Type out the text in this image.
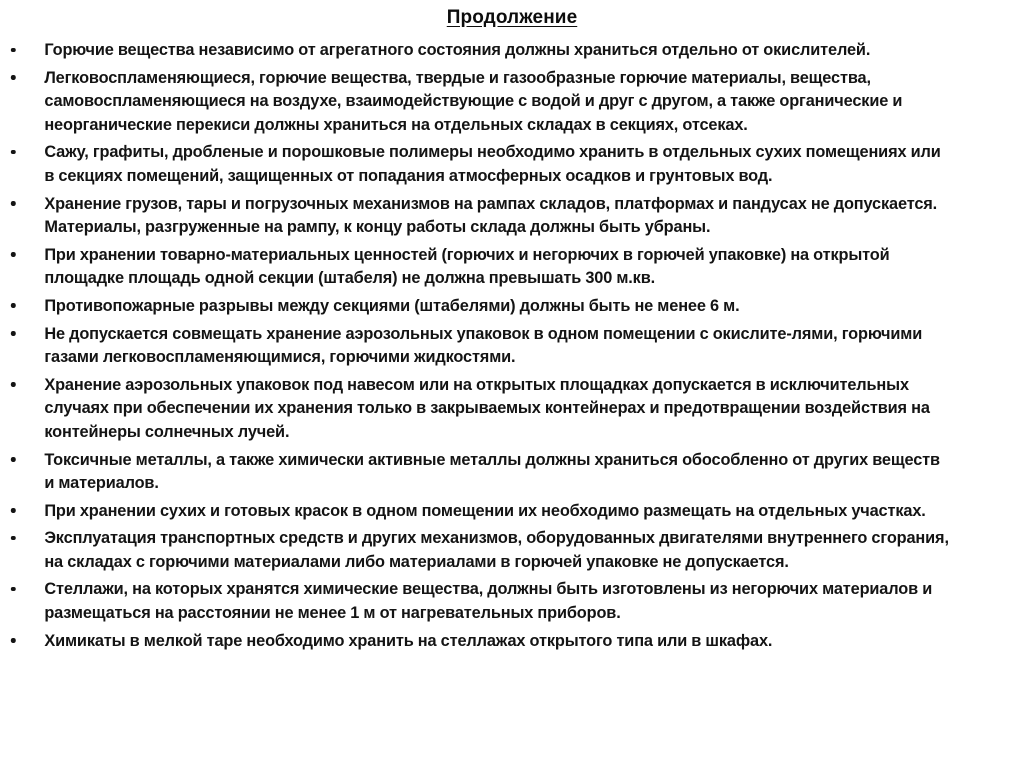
Продолжение
Горючие вещества независимо от агрегатного состояния должны храниться отдельно от окислителей.
Легковоспламеняющиеся, горючие вещества, твердые и газообразные горючие материалы, вещества, самовоспламеняющиеся на воздухе, взаимодействующие с водой и друг с другом, а также органические и неорганические перекиси должны храниться на отдельных складах в секциях, отсеках.
Сажу, графиты, дробленые и порошковые полимеры необходимо хранить в отдельных сухих помещениях или в секциях помещений, защищенных от попадания атмосферных осадков и грунтовых вод.
Хранение грузов, тары и погрузочных механизмов на рампах складов, платформах и пандусах не допускается. Материалы, разгруженные на рампу, к концу работы склада должны быть убраны.
При хранении товарно-материальных ценностей (горючих и негорючих в горючей упаковке) на открытой площадке площадь одной секции (штабеля) не должна превышать 300 м.кв.
Противопожарные разрывы между секциями (штабелями) должны быть не менее 6 м.
Не допускается совмещать хранение аэрозольных упаковок в одном помещении с окислите-лями, горючими газами легковоспламеняющимися, горючими жидкостями.
Хранение аэрозольных упаковок под навесом или на открытых площадках допускается в исключительных случаях при обеспечении их хранения только в закрываемых контейнерах и предотвращении воздействия на контейнеры солнечных лучей.
Токсичные металлы, а также химически активные металлы должны храниться обособленно от других веществ и материалов.
При хранении сухих и готовых красок в одном помещении их необходимо размещать на отдельных участках.
Эксплуатация транспортных средств и других механизмов, оборудованных двигателями внутреннего сгорания, на складах с горючими материалами либо материалами в горючей упаковке не допускается.
Стеллажи, на которых хранятся химические вещества, должны быть изготовлены из негорючих материалов и размещаться на расстоянии не менее 1 м от нагревательных приборов.
Химикаты в мелкой таре необходимо хранить на стеллажах открытого типа или в шкафах.
